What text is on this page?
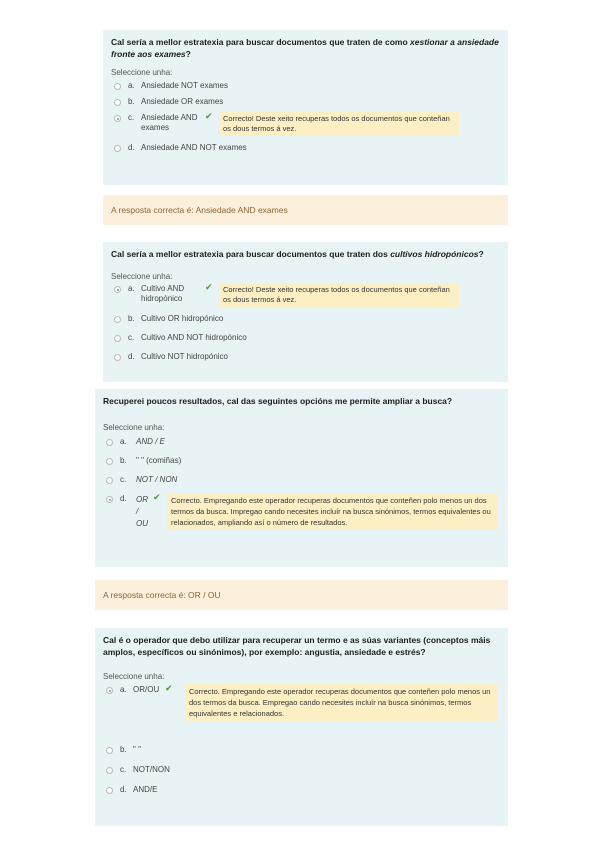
Cal sería a mellor estratexia para buscar documentos que traten de como xestionar a ansiedade fronte aos exames?
Seleccione unha:
a. Ansiedade NOT exames
b. Ansiedade OR exames
c. Ansiedade AND exames
✔	Correcto! Deste xeito recuperas todos os documentos que conteñan os dous termos á vez.
d. Ansiedade AND NOT exames
A resposta correcta é: Ansiedade AND exames
Cal sería a mellor estratexia para buscar documentos que traten dos cultivos hidropónicos?
Seleccione unha:
a. Cultivo AND hidropónico
✔	Correcto! Deste xeito recuperas todos os documentos que conteñan os dous termos á vez.
b. Cultivo OR hidropónico
c. Cultivo AND NOT hidropónico
d. Cultivo NOT hidropónico
Recuperei poucos resultados, cal das seguintes opcións me permite ampliar a busca?
Seleccione unha:
a. AND / E
b. " " (comiñas)
c. NOT / NON
d. OR / OU
✔	Correcto. Empregando este operador recuperas documentos que conteñen polo menos un dos termos da busca. Impregao cando necesites incluír na busca sinónimos, termos equivalentes ou relacionados, ampliando así o número de resultados.
A resposta correcta é: OR / OU
Cal é o operador que debo utilizar para recuperar un termo e as súas variantes (conceptos máis amplos, específicos ou sinónimos), por exemplo: angustia, ansiedade e estrés?
Seleccione unha:
a. OR/OU ✔	Correcto. Empregando este operador recuperas documentos que conteñen polo menos un dos termos da busca. Empregao cando necesites incluír na busca sinónimos, termos equivalentes e relacionados.
b. " "
c. NOT/NON
d. AND/E
